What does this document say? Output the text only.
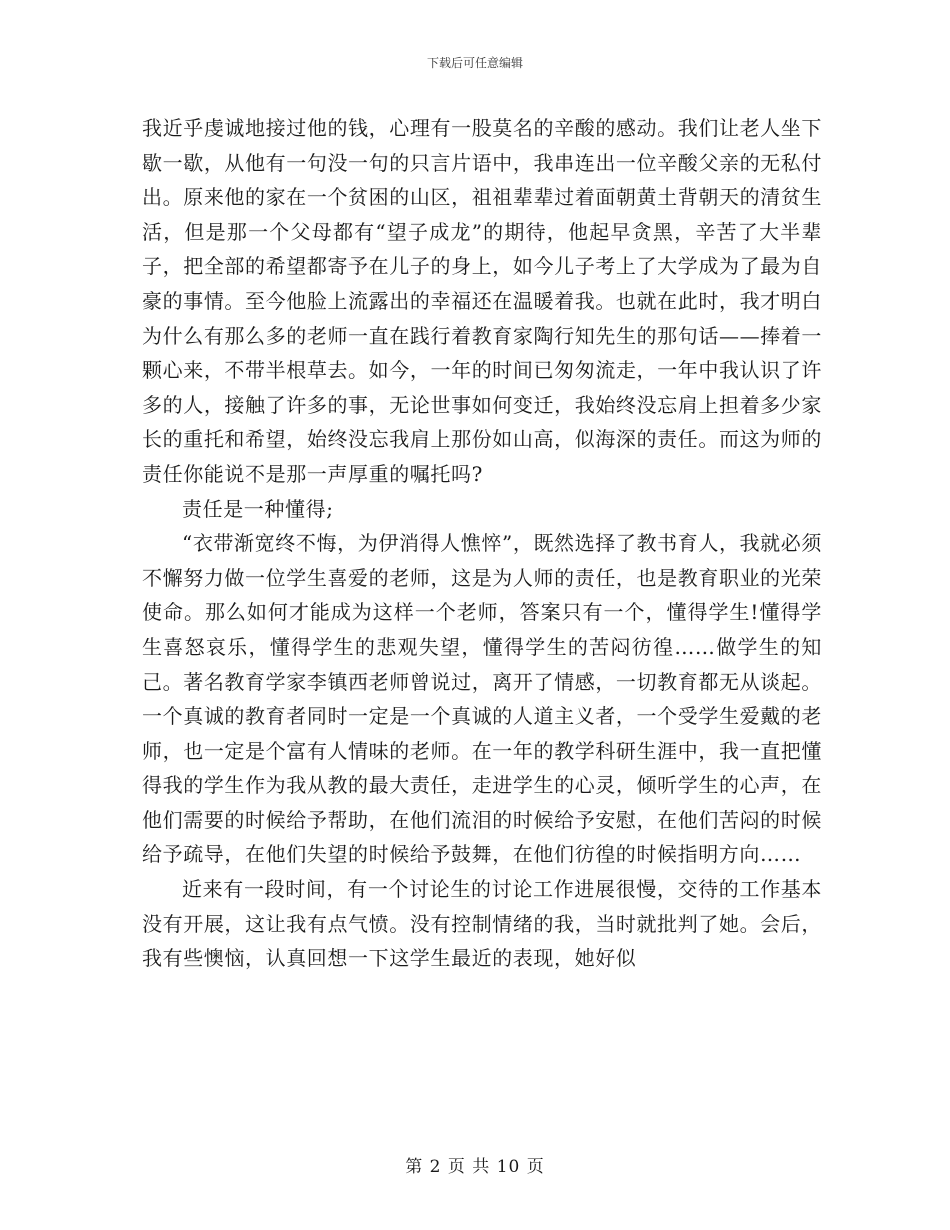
下载后可任意编辑

我近乎虔诚地接过他的钱，心理有一股莫名的辛酸的感动。我们让老人坐下歇一歇，从他有一句没一句的只言片语中，我串连出一位辛酸父亲的无私付出。原来他的家在一个贫困的山区，祖祖辈辈过着面朝黄土背朝天的清贫生活，但是那一个父母都有“望子成龙”的期待，他起早贪黑，辛苦了大半辈子，把全部的希望都寄予在儿子的身上，如今儿子考上了大学成为了最为自豪的事情。至今他脸上流露出的幸福还在温暖着我。也就在此时，我才明白为什么有那么多的老师一直在践行着教育家陶行知先生的那句话——捧着一颗心来，不带半根草去。如今，一年的时间已匆匆流走，一年中我认识了许多的人，接触了许多的事，无论世事如何变迁，我始终没忘肩上担着多少家长的重托和希望，始终没忘我肩上那份如山高，似海深的责任。而这为师的责任你能说不是那一声厚重的嘱托吗?

责任是一种懂得;

“衣带渐宽终不悔，为伊消得人憔悴”，既然选择了教书育人，我就必须不懈努力做一位学生喜爱的老师，这是为人师的责任，也是教育职业的光荣使命。那么如何才能成为这样一个老师，答案只有一个，懂得学生!懂得学生喜怒哀乐，懂得学生的悲观失望，懂得学生的苦闷彷徨……做学生的知己。著名教育学家李镇西老师曾说过，离开了情感，一切教育都无从谈起。一个真诚的教育者同时一定是一个真诚的人道主义者，一个受学生爱戴的老师，也一定是个富有人情味的老师。在一年的教学科研生涯中，我一直把懂得我的学生作为我从教的最大责任，走进学生的心灵，倾听学生的心声，在他们需要的时候给予帮助，在他们流泪的时候给予安慰，在他们苦闷的时候给予疏导，在他们失望的时候给予鼓舞，在他们彷徨的时候指明方向……

近来有一段时间，有一个讨论生的讨论工作进展很慢，交待的工作基本没有开展，这让我有点气愤。没有控制情绪的我，当时就批判了她。会后，我有些懊恼，认真回想一下这学生最近的表现，她好似

第 2 页 共 10 页
